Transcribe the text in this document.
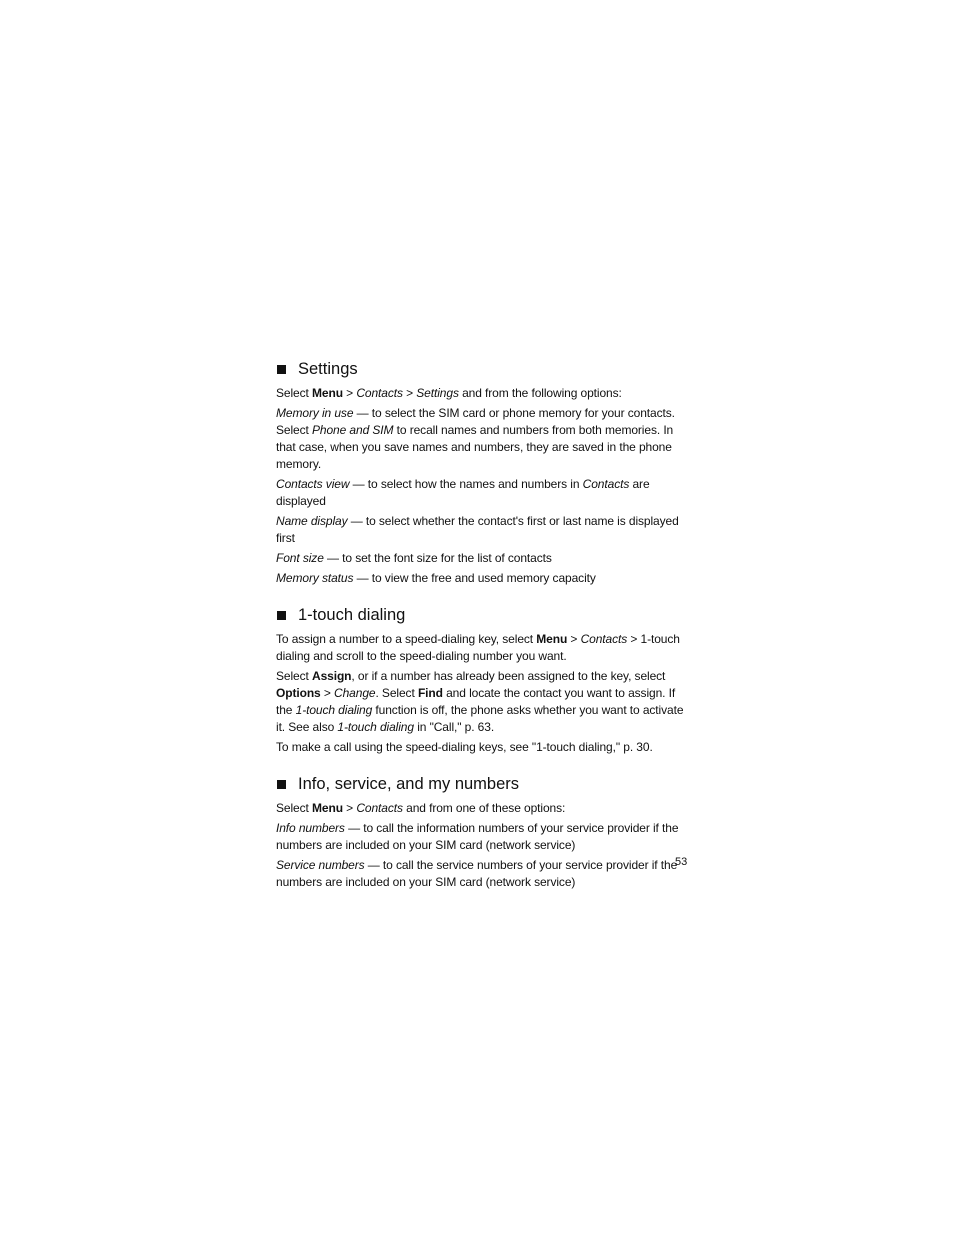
Settings

Select Menu > Contacts > Settings and from the following options:

Memory in use — to select the SIM card or phone memory for your contacts. Select Phone and SIM to recall names and numbers from both memories. In that case, when you save names and numbers, they are saved in the phone memory.

Contacts view — to select how the names and numbers in Contacts are displayed

Name display — to select whether the contact's first or last name is displayed first

Font size — to set the font size for the list of contacts

Memory status — to view the free and used memory capacity

1-touch dialing

To assign a number to a speed-dialing key, select Menu > Contacts > 1-touch dialing and scroll to the speed-dialing number you want.

Select Assign, or if a number has already been assigned to the key, select Options > Change. Select Find and locate the contact you want to assign. If the 1-touch dialing function is off, the phone asks whether you want to activate it. See also 1-touch dialing in "Call," p. 63.

To make a call using the speed-dialing keys, see "1-touch dialing," p. 30.

Info, service, and my numbers

Select Menu > Contacts and from one of these options:

Info numbers — to call the information numbers of your service provider if the numbers are included on your SIM card (network service)

Service numbers — to call the service numbers of your service provider if the numbers are included on your SIM card (network service)

53
